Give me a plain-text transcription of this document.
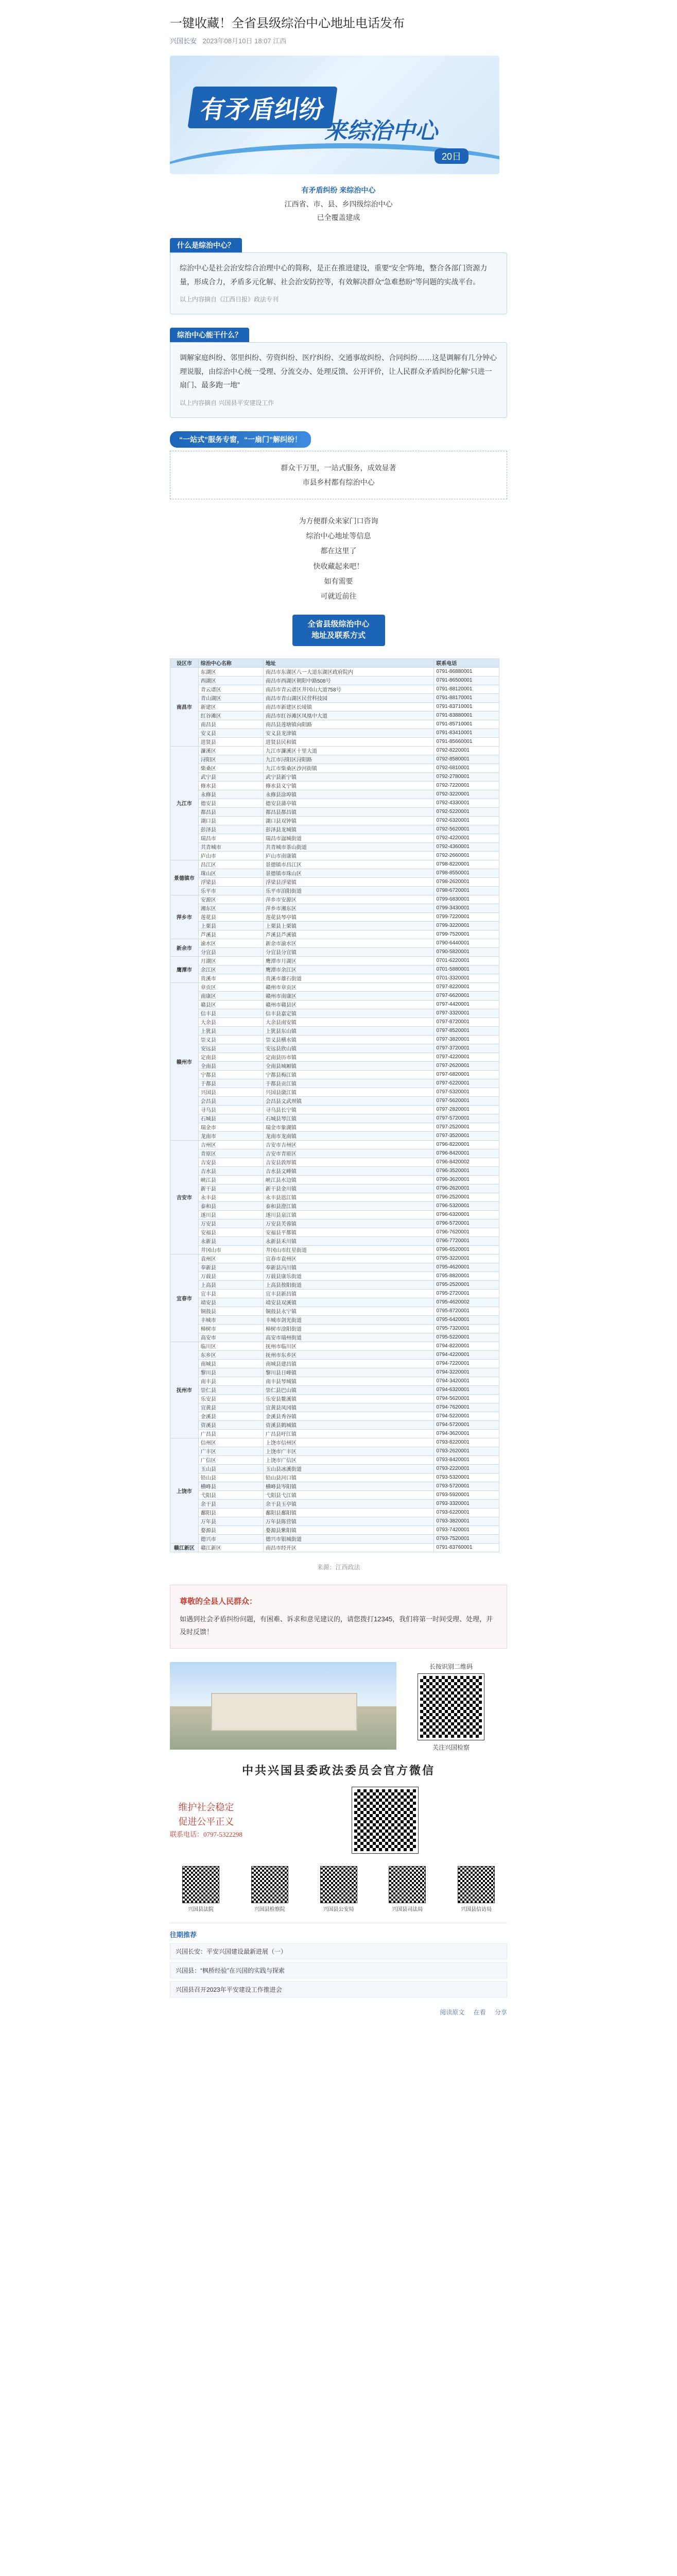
一键收藏！全省县级综治中心地址电话发布
兴国长安 2023年08月10日 18:07 江西
有矛盾纠纷
来综治中心
20日
有矛盾纠纷 来综治中心
江西省、市、县、乡四级综治中心
已全覆盖建成
什么是综治中心？
综治中心是社会治安综合治理中心的简称，是正在推进建设，重要“安全”阵地，整合各部门资源力量，形成合力，矛盾多元化解、社会治安防控等，有效解决群众“急难愁盼”等问题的实战平台。
以上内容摘自《江西日报》政法专刊
综治中心能干什么？
调解家庭纠纷、邻里纠纷、劳资纠纷、医疗纠纷、交通事故纠纷、合同纠纷……这是调解有几分钟心理说服，由综治中心统一受理、分流交办、处理反馈、公开评价，让人民群众矛盾纠纷化解“只进一扇门、最多跑一地”
以上内容摘自 兴国县平安建设工作
“一站式”服务专窗，“一扇门”解纠纷！
群众干万里，一站式服务，成效显著
市县乡村都有综治中心
为方便群众来家门口咨询
综治中心地址等信息
都在这里了
快收藏起来吧！
如有需要
可就近前往
全省县级综治中心
地址及联系方式
设区市	综治中心名称	地址	联系电话
南昌市	东湖区	南昌市东湖区八一大道东湖区政府院内	0791-86880001
	西湖区	南昌市西湖区朝阳中路508号	0791-86500001
	青云谱区	南昌市青云谱区井冈山大道758号	0791-88120001
	青山湖区	南昌市青山湖区民营科技园	0791-88170001
	新建区	南昌市新建区长堎镇	0791-83710001
	红谷滩区	南昌市红谷滩区凤凰中大道	0791-83880001
	南昌县	南昌县莲塘镇向阳路	0791-85710001
	安义县	安义县龙津镇	0791-83410001
	进贤县	进贤县民和镇	0791-85660001
九江市	濂溪区	九江市濂溪区十里大道	0792-8220001
	浔阳区	九江市浔阳区浔阳路	0792-8580001
	柴桑区	九江市柴桑区沙河街镇	0792-6810001
	武宁县	武宁县新宁镇	0792-2780001
	修水县	修水县义宁镇	0792-7220001
	永修县	永修县涂埠镇	0792-3220001
	德安县	德安县蒲亭镇	0792-4330001
	都昌县	都昌县都昌镇	0792-5220001
	湖口县	湖口县双钟镇	0792-6320001
	彭泽县	彭泽县龙城镇	0792-5620001
	瑞昌市	瑞昌市湓城街道	0792-4220001
	共青城市	共青城市茶山街道	0792-4360001
	庐山市	庐山市南康镇	0792-2660001
景德镇市	昌江区	景德镇市昌江区	0798-8220001
	珠山区	景德镇市珠山区	0798-8550001
	浮梁县	浮梁县浮梁镇	0798-2620001
	乐平市	乐平市洎阳街道	0798-6720001
萍乡市	安源区	萍乡市安源区	0799-6830001
	湘东区	萍乡市湘东区	0799-3430001
	莲花县	莲花县琴亭镇	0799-7220001
	上栗县	上栗县上栗镇	0799-3220001
	芦溪县	芦溪县芦溪镇	0799-7520001
新余市	渝水区	新余市渝水区	0790-6440001
	分宜县	分宜县分宜镇	0790-5820001
鹰潭市	月湖区	鹰潭市月湖区	0701-6220001
	余江区	鹰潭市余江区	0701-5880001
	贵溪市	贵溪市雄石街道	0701-3320001
赣州市	章贡区	赣州市章贡区	0797-8220001
	南康区	赣州市南康区	0797-6620001
	赣县区	赣州市赣县区	0797-4420001
	信丰县	信丰县嘉定镇	0797-3320001
	大余县	大余县南安镇	0797-8720001
	上犹县	上犹县东山镇	0797-8520001
	崇义县	崇义县横水镇	0797-3820001
	安远县	安远县欣山镇	0797-3720001
	定南县	定南县历市镇	0797-4220001
	全南县	全南县城厢镇	0797-2620001
	宁都县	宁都县梅江镇	0797-6820001
	于都县	于都县贡江镇	0797-6220001
	兴国县	兴国县潋江镇	0797-5320001
	会昌县	会昌县文武坝镇	0797-5620001
	寻乌县	寻乌县长宁镇	0797-2820001
	石城县	石城县琴江镇	0797-5720001
	瑞金市	瑞金市象湖镇	0797-2520001
	龙南市	龙南市龙南镇	0797-3520001
吉安市	吉州区	吉安市吉州区	0796-8220001
	青原区	吉安市青原区	0796-8420001
	吉安县	吉安县敦厚镇	0796-8420002
	吉水县	吉水县文峰镇	0796-3520001
	峡江县	峡江县水边镇	0796-3620001
	新干县	新干县金川镇	0796-2620001
	永丰县	永丰县恩江镇	0796-2520001
	泰和县	泰和县澄江镇	0796-5320001
	遂川县	遂川县泉江镇	0796-6320001
	万安县	万安县芙蓉镇	0796-5720001
	安福县	安福县平都镇	0796-7620001
	永新县	永新县禾川镇	0796-7720001
	井冈山市	井冈山市红星街道	0796-6520001
宜春市	袁州区	宜春市袁州区	0795-3220001
	奉新县	奉新县冯川镇	0795-4620001
	万载县	万载县康乐街道	0795-8820001
	上高县	上高县敖阳街道	0795-2520001
	宜丰县	宜丰县新昌镇	0795-2720001
	靖安县	靖安县双溪镇	0795-4620002
	铜鼓县	铜鼓县永宁镇	0795-8720001
	丰城市	丰城市剑光街道	0795-6420001
	樟树市	樟树市淦阳街道	0795-7320001
	高安市	高安市瑞州街道	0795-5220001
抚州市	临川区	抚州市临川区	0794-8220001
	东乡区	抚州市东乡区	0794-4220001
	南城县	南城县建昌镇	0794-7220001
	黎川县	黎川县日峰镇	0794-3220001
	南丰县	南丰县琴城镇	0794-3420001
	崇仁县	崇仁县巴山镇	0794-6320001
	乐安县	乐安县鳌溪镇	0794-5620001
	宜黄县	宜黄县凤冈镇	0794-7620001
	金溪县	金溪县秀谷镇	0794-5220001
	资溪县	资溪县鹤城镇	0794-5720001
	广昌县	广昌县旴江镇	0794-3620001
上饶市	信州区	上饶市信州区	0793-8220001
	广丰区	上饶市广丰区	0793-2620001
	广信区	上饶市广信区	0793-8420001
	玉山县	玉山县冰溪街道	0793-2220001
	铅山县	铅山县河口镇	0793-5320001
	横峰县	横峰县岑阳镇	0793-5720001
	弋阳县	弋阳县弋江镇	0793-5920001
	余干县	余干县玉亭镇	0793-3320001
	鄱阳县	鄱阳县鄱阳镇	0793-6220001
	万年县	万年县陈营镇	0793-3820001
	婺源县	婺源县紫阳镇	0793-7420001
	德兴市	德兴市银城街道	0793-7520001
赣江新区	赣江新区	南昌市经开区	0791-83760001
来源：江西政法
尊敬的全县人民群众：
如遇到社会矛盾纠纷问题，有困难、诉求和意见建议的，请您拨打12345，我们将第一时间受理、处理，并及时反馈！
长按识别二维码
关注兴国检察
中共兴国县委政法委员会官方微信
维护社会稳定
促进公平正义
联系电话：0797-5322298
兴国县法院	兴国县检察院	兴国县公安局	兴国县司法局	兴国县信访局
往期推荐
兴国长安：平安兴国建设最新进展（一）
兴国县：“枫桥经验”在兴国的实践与探索
兴国县召开2023年平安建设工作推进会
阅读原文 在看 分享
